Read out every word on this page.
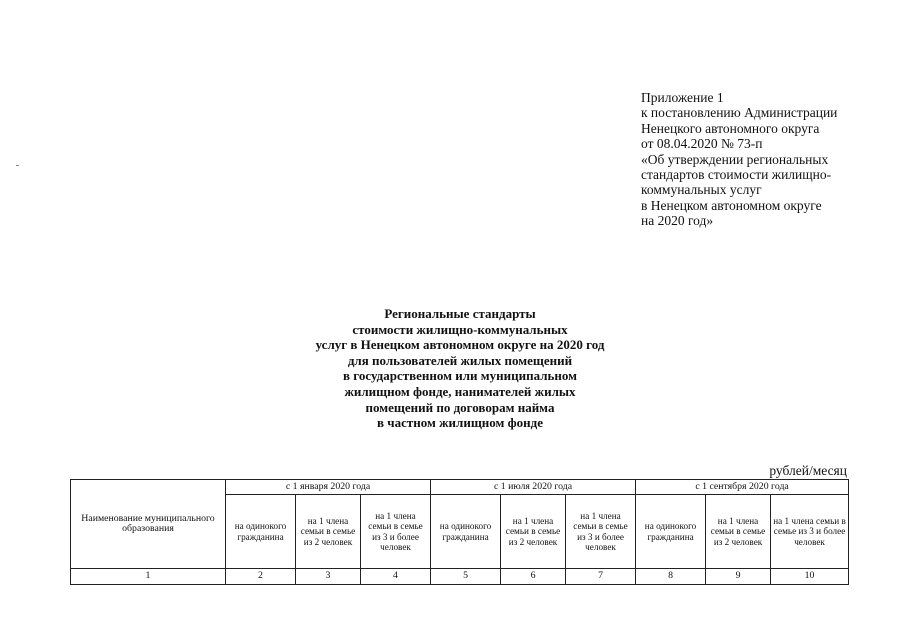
Приложение 1
к постановлению Администрации
Ненецкого автономного округа
от 08.04.2020 № 73-п
«Об утверждении региональных
стандартов стоимости жилищно-
коммунальных услуг
в Ненецком автономном округе
на 2020 год»
Региональные стандарты
стоимости жилищно-коммунальных
услуг в Ненецком автономном округе на 2020 год
для пользователей жилых помещений
в государственном или муниципальном
жилищном фонде, нанимателей жилых
помещений по договорам найма
в частном жилищном фонде
рублей/месяц
Наименование муниципального образования	с 1 января 2020 года			с 1 июля 2020 года			с 1 сентября 2020 года		
	на одинокого гражданина	на 1 члена семьи в семье из 2 человек	на 1 члена семьи в семье из 3 и более человек	на одинокого гражданина	на 1 члена семьи в семье из 2 человек	на 1 члена семьи в семье из 3 и более человек	на одинокого гражданина	на 1 члена семьи в семье из 2 человек	на 1 члена семьи в семье из 3 и более человек
1	2	3	4	5	6	7	8	9	10
